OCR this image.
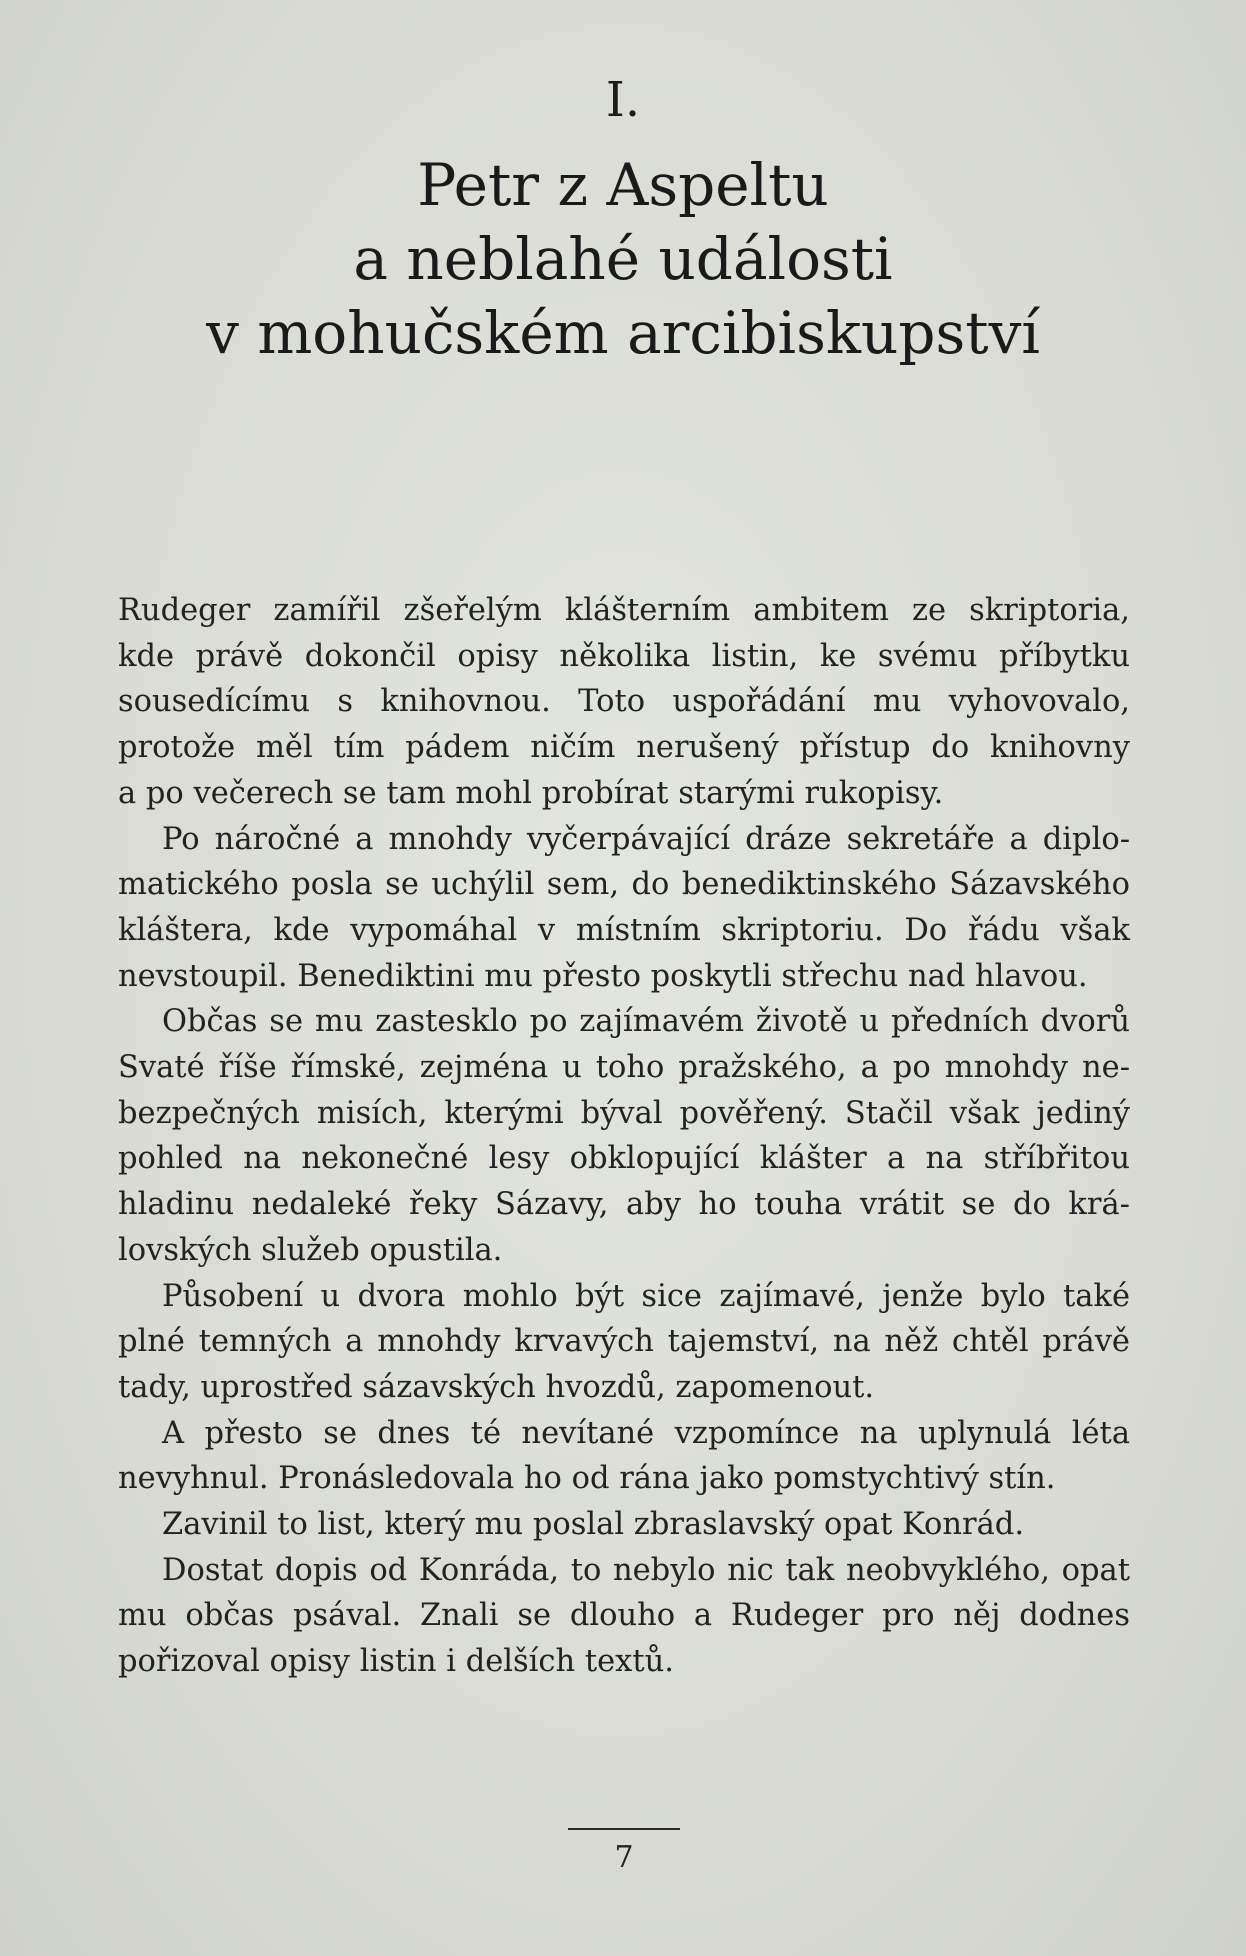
I.
Petr z Aspeltu
a neblahé události
v mohučském arcibiskupství
Rudeger zamířil zšeřelým klášterním ambitem ze skriptoria,
kde právě dokončil opisy několika listin, ke svému příbytku
sousedícímu s knihovnou. Toto uspořádání mu vyhovovalo,
protože měl tím pádem ničím nerušený přístup do knihovny
a po večerech se tam mohl probírat starými rukopisy.
Po náročné a mnohdy vyčerpávající dráze sekretáře a diplo-
matického posla se uchýlil sem, do benediktinského Sázavského
kláštera, kde vypomáhal v místním skriptoriu. Do řádu však
nevstoupil. Benediktini mu přesto poskytli střechu nad hlavou.
Občas se mu zastesklo po zajímavém životě u předních dvorů
Svaté říše římské, zejména u toho pražského, a po mnohdy ne-
bezpečných misích, kterými býval pověřený. Stačil však jediný
pohled na nekonečné lesy obklopující klášter a na stříbřitou
hladinu nedaleké řeky Sázavy, aby ho touha vrátit se do krá-
lovských služeb opustila.
Působení u dvora mohlo být sice zajímavé, jenže bylo také
plné temných a mnohdy krvavých tajemství, na něž chtěl právě
tady, uprostřed sázavských hvozdů, zapomenout.
A přesto se dnes té nevítané vzpomínce na uplynulá léta
nevyhnul. Pronásledovala ho od rána jako pomstychtivý stín.
Zavinil to list, který mu poslal zbraslavský opat Konrád.
Dostat dopis od Konráda, to nebylo nic tak neobvyklého, opat
mu občas psával. Znali se dlouho a Rudeger pro něj dodnes
pořizoval opisy listin i delších textů.
7
